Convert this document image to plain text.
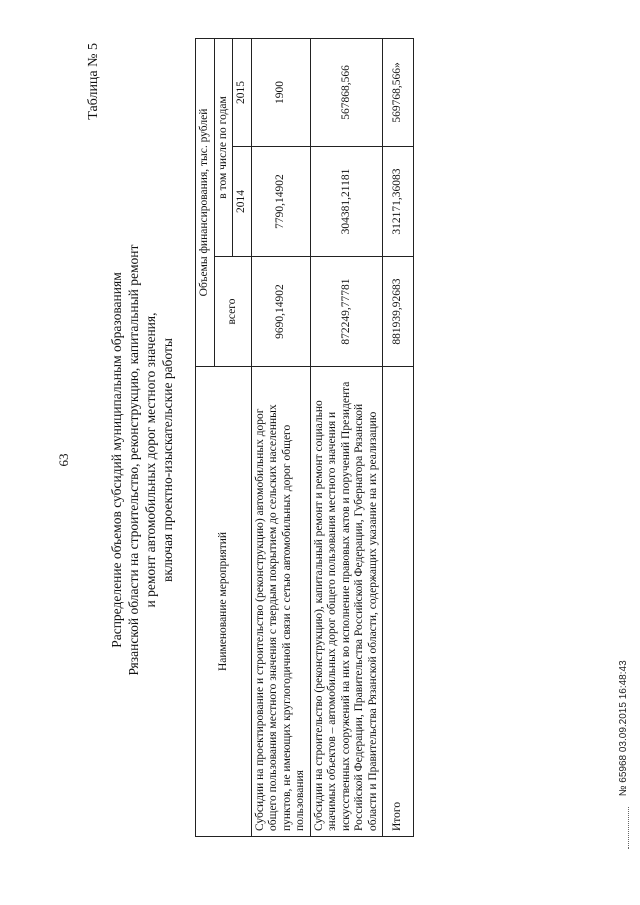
63
Таблица № 5
Распределение объемов субсидий муниципальным образованиям Рязанской области на строительство, реконструкцию, капитальный ремонт и ремонт автомобильных дорог местного значения, включая проектно-изыскательские работы
Наименование мероприятий	Объемы финансирования, тыс. рублей		
	всего	в том числе по годам	
		2014	2015
Субсидии на проектирование и строительство (реконструкцию) автомобильных дорог общего пользования местного значения с твердым покрытием до сельских населенных пунктов, не имеющих круглогодичной связи с сетью автомобильных дорог общего пользования	9690,14902	7790,14902	1900
Субсидии на строительство (реконструкцию), капитальный ремонт и ремонт социально значимых объектов – автомобильных дорог общего пользования местного значения и искусственных сооружений на них во исполнение правовых актов и поручений Президента Российской Федерации, Правительства Российской Федерации, Губернатора Рязанской области и Правительства Рязанской области, содержащих указание на их реализацию	872249,77781	304381,21181	567868,566
Итого	881939,92683	312171,36083	569768,566»
№ 65968 03.09.2015 16:48:43
